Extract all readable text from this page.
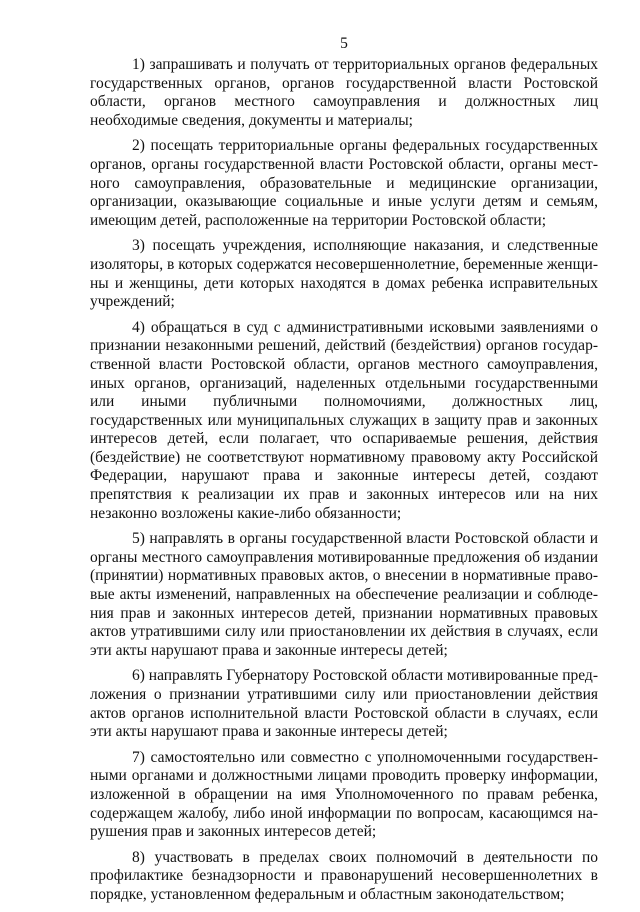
5

1) запрашивать и получать от территориальных органов федеральных государственных органов, органов государственной власти Ростовской области, органов местного самоуправления и должностных лиц необходимые сведения, документы и материалы;

2) посещать территориальные органы федеральных государственных органов, органы государственной власти Ростовской области, органы местного самоуправления, образовательные и медицинские организации, организации, оказывающие социальные и иные услуги детям и семьям, имеющим детей, расположенные на территории Ростовской области;

3) посещать учреждения, исполняющие наказания, и следственные изоляторы, в которых содержатся несовершеннолетние, беременные женщины и женщины, дети которых находятся в домах ребенка исправительных учреждений;

4) обращаться в суд с административными исковыми заявлениями о признании незаконными решений, действий (бездействия) органов государственной власти Ростовской области, органов местного самоуправления, иных органов, организаций, наделенных отдельными государственными или иными публичными полномочиями, должностных лиц, государственных или муниципальных служащих в защиту прав и законных интересов детей, если полагает, что оспариваемые решения, действия (бездействие) не соответствуют нормативному правовому акту Российской Федерации, нарушают права и законные интересы детей, создают препятствия к реализации их прав и законных интересов или на них незаконно возложены какие-либо обязанности;

5) направлять в органы государственной власти Ростовской области и органы местного самоуправления мотивированные предложения об издании (принятии) нормативных правовых актов, о внесении в нормативные правовые акты изменений, направленных на обеспечение реализации и соблюдения прав и законных интересов детей, признании нормативных правовых актов утратившими силу или приостановлении их действия в случаях, если эти акты нарушают права и законные интересы детей;

6) направлять Губернатору Ростовской области мотивированные предложения о признании утратившими силу или приостановлении действия актов органов исполнительной власти Ростовской области в случаях, если эти акты нарушают права и законные интересы детей;

7) самостоятельно или совместно с уполномоченными государственными органами и должностными лицами проводить проверку информации, изложенной в обращении на имя Уполномоченного по правам ребенка, содержащем жалобу, либо иной информации по вопросам, касающимся нарушения прав и законных интересов детей;

8) участвовать в пределах своих полномочий в деятельности по профилактике безнадзорности и правонарушений несовершеннолетних в порядке, установленном федеральным и областным законодательством;
